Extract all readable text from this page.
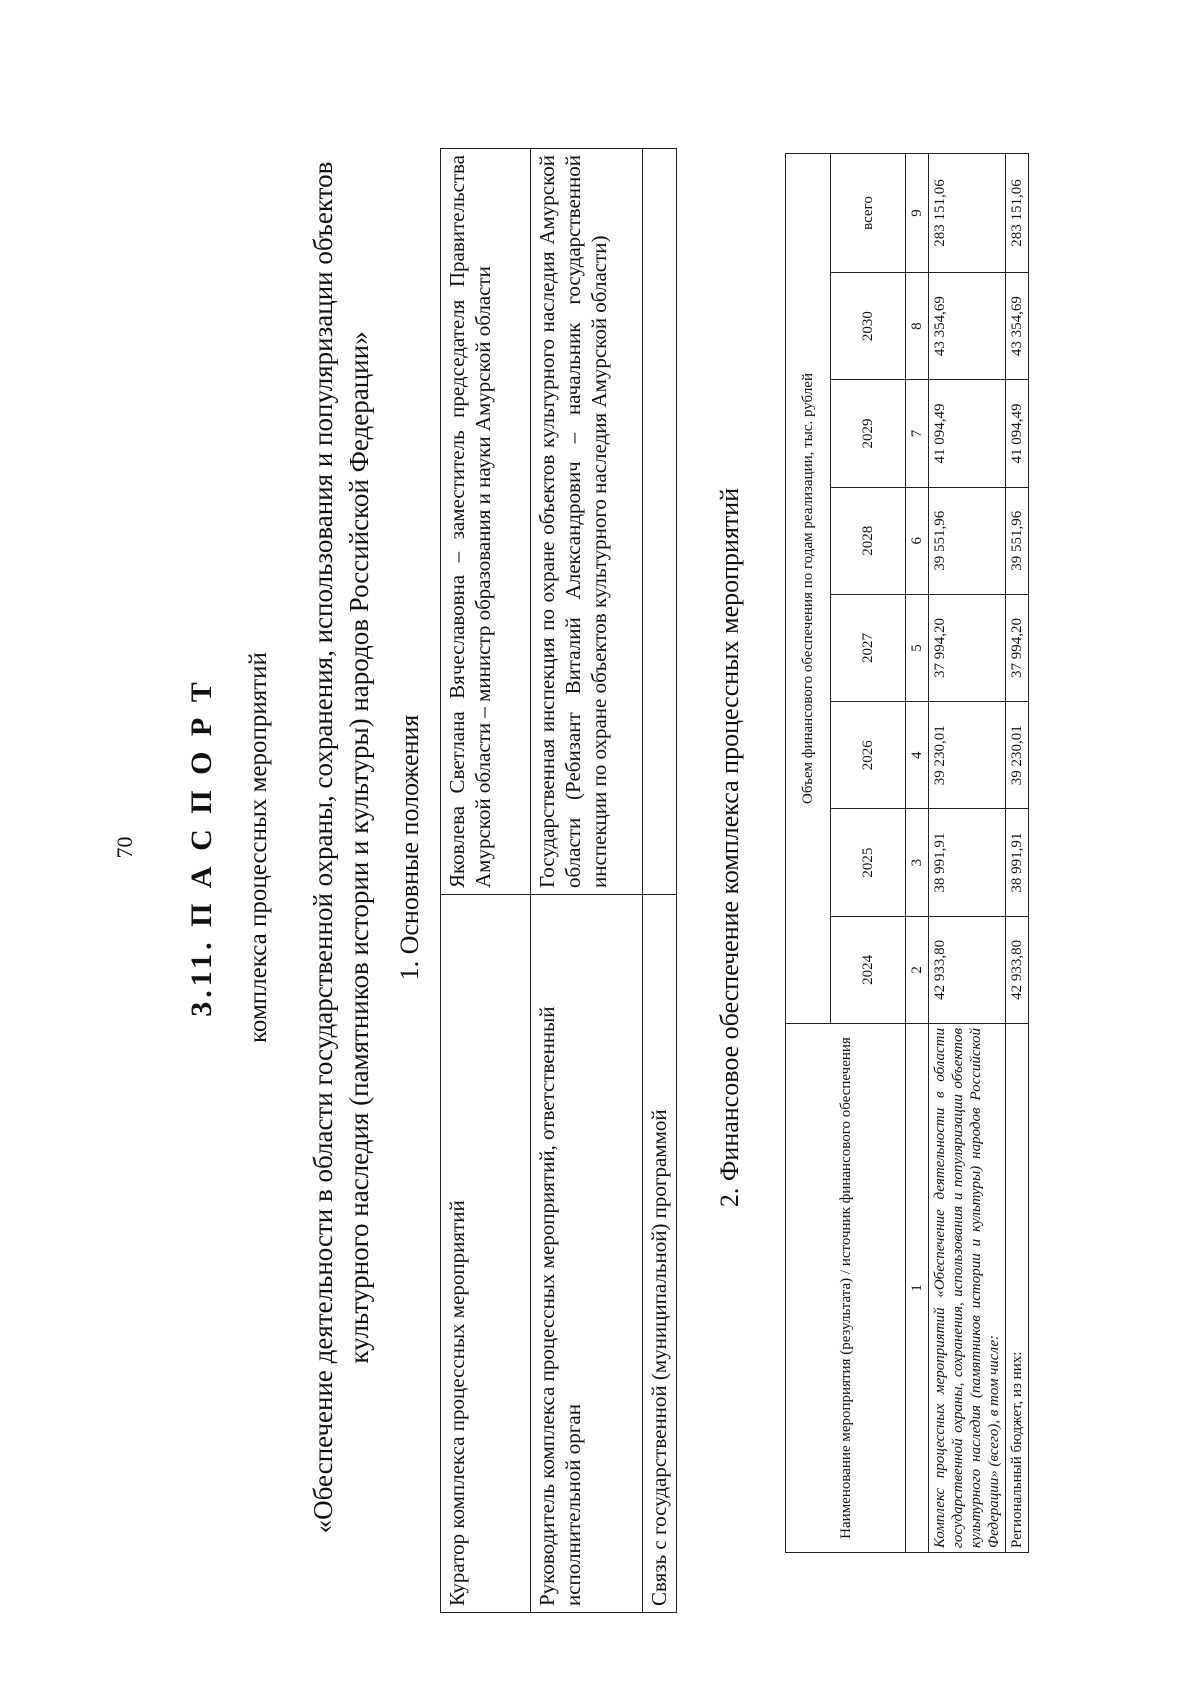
70 3.11. П А С П О Р Т комплекса процессных мероприятий «Обеспечение деятельности в области государственной охраны, сохранения, использования и популяризации объектов культурного наследия (памятников истории и культуры) народов Российской Федерации» 1. Основные положения
Куратор комплекса процессных мероприятий	Яковлева Светлана Вячеславовна – заместитель председателя Правительства Амурской области – министр образования и науки Амурской области
Руководитель комплекса процессных мероприятий, ответственный исполнительной орган	Государственная инспекция по охране объектов культурного наследия Амурской области (Ребизант Виталий Александрович – начальник государственной инспекции по охране объектов культурного наследия Амурской области)
Связь с государственной (муниципальной) программой	
2. Финансовое обеспечение комплекса процессных мероприятий
Наименование мероприятия (результата) / источник финансового обеспечения	Объем финансового обеспечения по годам реализации, тыс. рублей							
	2024	2025	2026	2027	2028	2029	2030	всего
1	2	3	4	5	6	7	8	9
Комплекс процессных мероприятий «Обеспечение деятельности в области государственной охраны, сохранения, использования и популяризации объектов культурного наследия (памятников истории и культуры) народов Российской Федерации» (всего), в том числе:	42 933,80	38 991,91	39 230,01	37 994,20	39 551,96	41 094,49	43 354,69	283 151,06
Региональный бюджет, из них:	42 933,80	38 991,91	39 230,01	37 994,20	39 551,96	41 094,49	43 354,69	283 151,06
